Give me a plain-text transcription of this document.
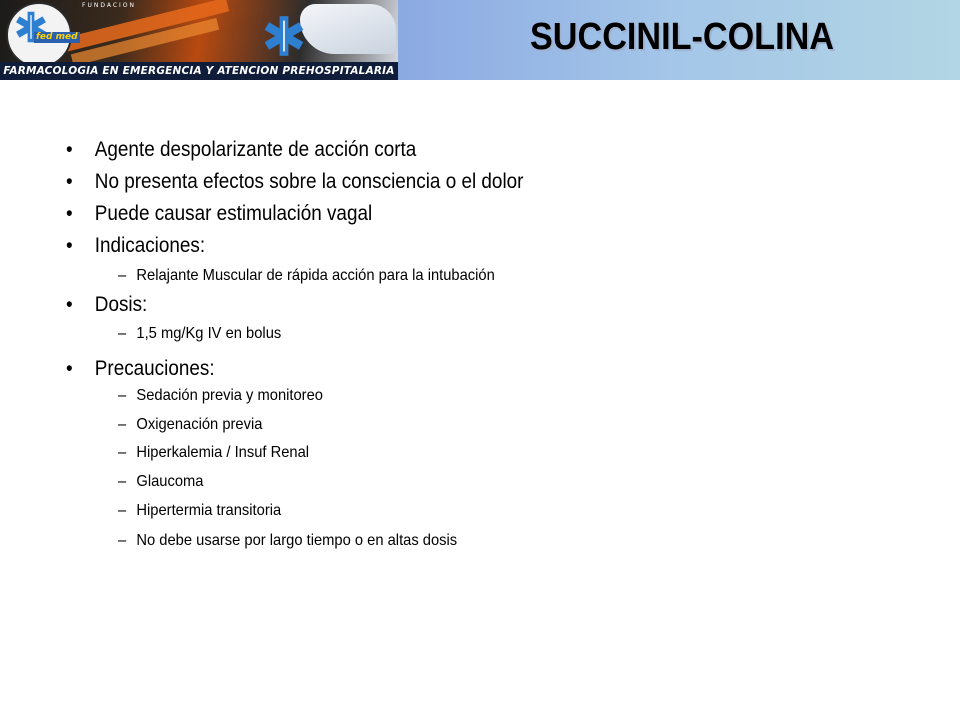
fed med
FUNDACION
FARMACOLOGIA EN EMERGENCIA Y ATENCION PREHOSPITALARIA
SUCCINIL-COLINA
• Agente despolarizante de acción corta
• No presenta efectos sobre la consciencia o el dolor
• Puede causar estimulación vagal
• Indicaciones:
– Relajante Muscular de rápida acción para la intubación
• Dosis:
– 1,5 mg/Kg IV en bolus
• Precauciones:
– Sedación previa y monitoreo
– Oxigenación previa
– Hiperkalemia / Insuf Renal
– Glaucoma
– Hipertermia transitoria
– No debe usarse por largo tiempo o en altas dosis
